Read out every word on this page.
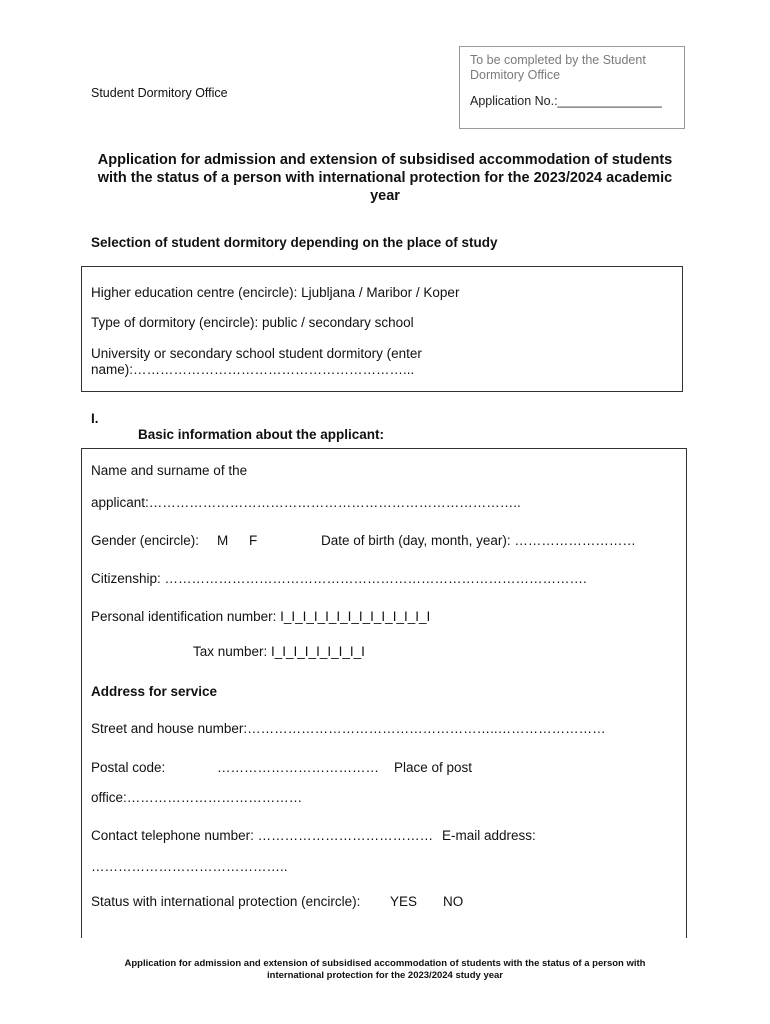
To be completed by the Student Dormitory Office
Application No.:_______________
Student Dormitory Office
Application for admission and extension of subsidised accommodation of students with the status of a person with international protection for the 2023/2024 academic year
Selection of student dormitory depending on the place of study
Higher education centre (encircle): Ljubljana / Maribor / Koper
Type of dormitory (encircle): public / secondary school
University or secondary school student dormitory (enter
name):……………………………………………………...
I.
Basic information about the applicant:
Name and surname of the
applicant:………………………………………………………………………..
Gender (encircle): M F	Date of birth (day, month, year): ………………………
Citizenship: ………………………………………………………………………………….
Personal identification number: I_I_I_I_I_I_I_I_I_I_I_I_I_I
Tax number: I_I_I_I_I_I_I_I_I
Address for service
Street and house number:………………………………………………..……………………
Postal code:	……………………………… Place of post
office:…………………………………
Contact telephone number: ………………………………… E-mail address:
……………………………………..
Status with international protection (encircle): YES NO
Application for admission and extension of subsidised accommodation of students with the status of a person with
international protection for the 2023/2024 study year
